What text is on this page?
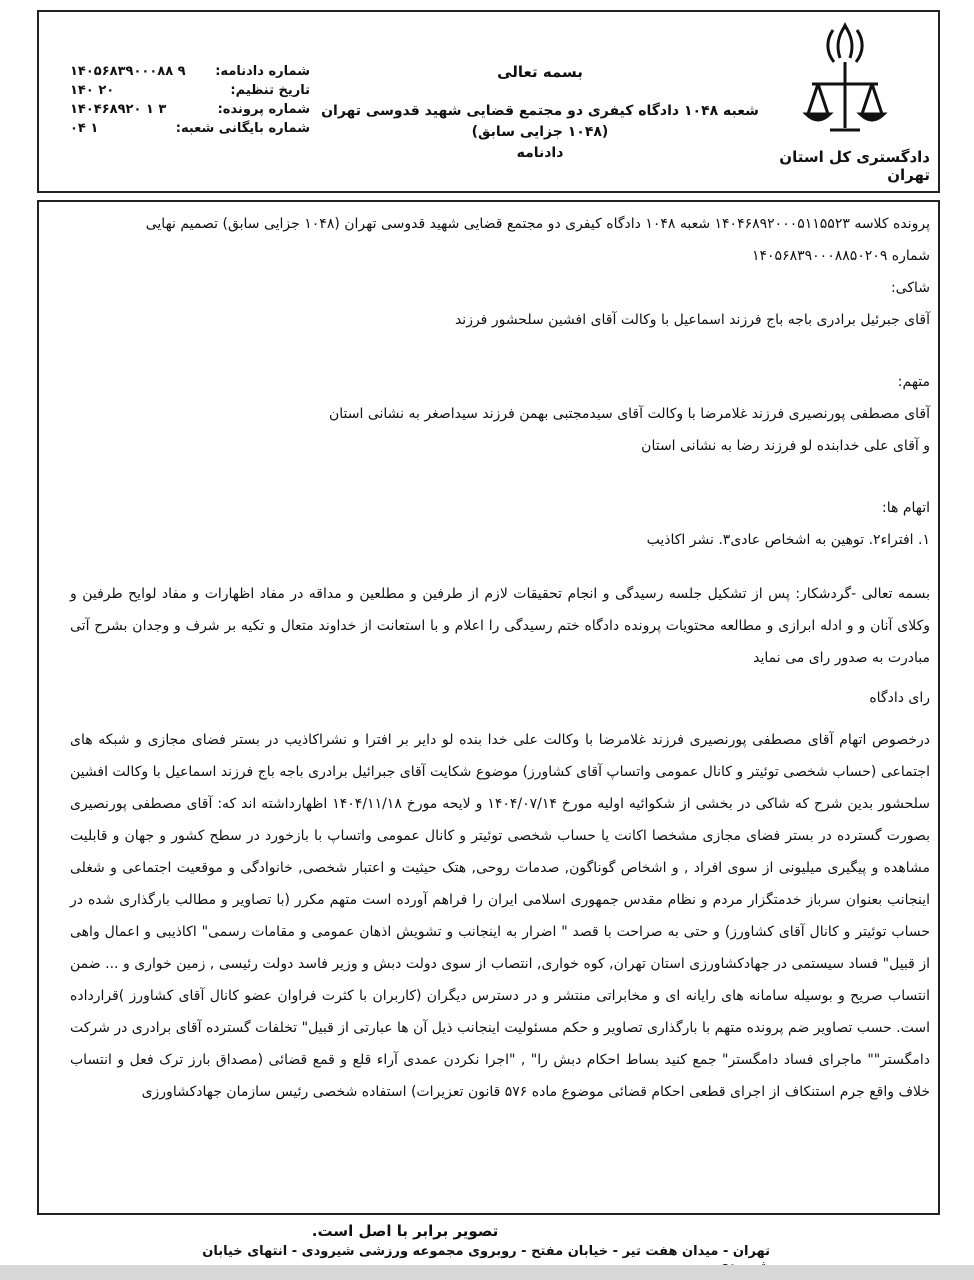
دادگستری کل استان تهران
بسمه تعالی
شعبه ۱۰۴۸ دادگاه کیفری دو مجتمع قضایی شهید قدوسی تهران (۱۰۴۸ جزایی سابق)
دادنامه
شماره دادنامه:
۱۴۰۵۶۸۳۹۰۰۰۸۸ ۹
تاریخ تنظیم:
۱۴۰ ۲۰
شماره پرونده:
۱۴۰۴۶۸۹۲۰ ۱ ۳
شماره بایگانی شعبه:
۰۴ ۱

پرونده کلاسه ۱۴۰۴۶۸۹۲۰۰۰۵۱۱۵۵۲۳ شعبه ۱۰۴۸ دادگاه کیفری دو مجتمع قضایی شهید قدوسی تهران (۱۰۴۸ جزایی سابق) تصمیم نهایی

شماره ۱۴۰۵۶۸۳۹۰۰۰۸۸۵۰۲۰۹

شاکی:

آقای جبرئیل برادری باجه باج فرزند اسماعیل با وکالت آقای افشین سلحشور فرزند

متهم:

آقای مصطفی پورنصیری فرزند غلامرضا با وکالت آقای سیدمجتبی بهمن فرزند سیداصغر به نشانی استان

و آقای علی خدابنده لو فرزند رضا به نشانی استان

اتهام ها:

۱. افتراء۲. توهین به اشخاص عادی۳. نشر اکاذیب

بسمه تعالی -گردشکار: پس از تشکیل جلسه رسیدگی و انجام تحقیقات لازم از طرفین و مطلعین و مداقه در مفاد اظهارات و مفاد لوایح طرفین و وکلای آنان و و ادله ابرازی و مطالعه محتویات پرونده دادگاه ختم رسیدگی را اعلام و با استعانت از خداوند متعال و تکیه بر شرف و وجدان بشرح آتی مبادرت به صدور رای می نماید

رای دادگاه

درخصوص اتهام آقای مصطفی پورنصیری فرزند غلامرضا با وکالت علی خدا بنده لو دایر بر افترا و نشراکاذیب در بستر فضای مجازی و شبکه های اجتماعی (حساب شخصی توئیتر و کانال عمومی واتساپ آقای کشاورز) موضوع شکایت آقای جبرائیل برادری باجه باج فرزند اسماعیل با وکالت افشین سلحشور بدین شرح که شاکی در بخشی از شکوائیه اولیه مورخ ۱۴۰۴/۰۷/۱۴ و لایحه مورخ ۱۴۰۴/۱۱/۱۸ اظهارداشته اند که: آقای مصطفی پورنصیری بصورت گسترده در بستر فضای مجازی مشخصا اکانت یا حساب شخصی توئیتر و کانال عمومی واتساپ با بازخورد در سطح کشور و جهان و قابلیت مشاهده و پیگیری میلیونی از سوی افراد , و اشخاص گوناگون, صدمات روحی, هتک حیثیت و اعتبار شخصی, خانوادگی و موقعیت اجتماعی و شغلی اینجانب بعنوان سرباز خدمتگزار مردم و نظام مقدس جمهوری اسلامی ایران را فراهم آورده است متهم مکرر (با تصاویر و مطالب بارگذاری شده در حساب توئیتر و کانال آقای کشاورز) و حتی به صراحت با قصد " اضرار به اینجانب و تشویش اذهان عمومی و مقامات رسمی" اکاذیبی و اعمال واهی از قبیل" فساد سیستمی در جهادکشاورزی استان تهران, کوه خواری, انتصاب از سوی دولت دبش و وزیر فاسد دولت رئیسی , زمین خواری و ... ضمن انتساب صریح و بوسیله سامانه های رایانه ای و مخابراتی منتشر و در دسترس دیگران (کاربران با کثرت فراوان عضو کانال آقای کشاورز )قرارداده است. حسب تصاویر ضم پرونده متهم با بارگذاری تصاویر و حکم مسئولیت اینجانب ذیل آن ها عبارتی از قبیل" تخلفات گسترده آقای برادری در شرکت دامگستر"" ماجرای فساد دامگستر" جمع کنید بساط احکام دبش را" , "اجرا نکردن عمدی آراء قلع و قمع قضائی (مصداق بارز ترک فعل و انتساب خلاف واقع جرم استنکاف از اجرای قطعی احکام قضائی موضوع ماده ۵۷۶ قانون تعزیرات) استفاده شخصی رئیس سازمان جهادکشاورزی

تصویر برابر با اصل است.
تهران - میدان هفت تیر - خیابان مفتح - روبروی مجموعه ورزشی شیرودی - انتهای خیابان
